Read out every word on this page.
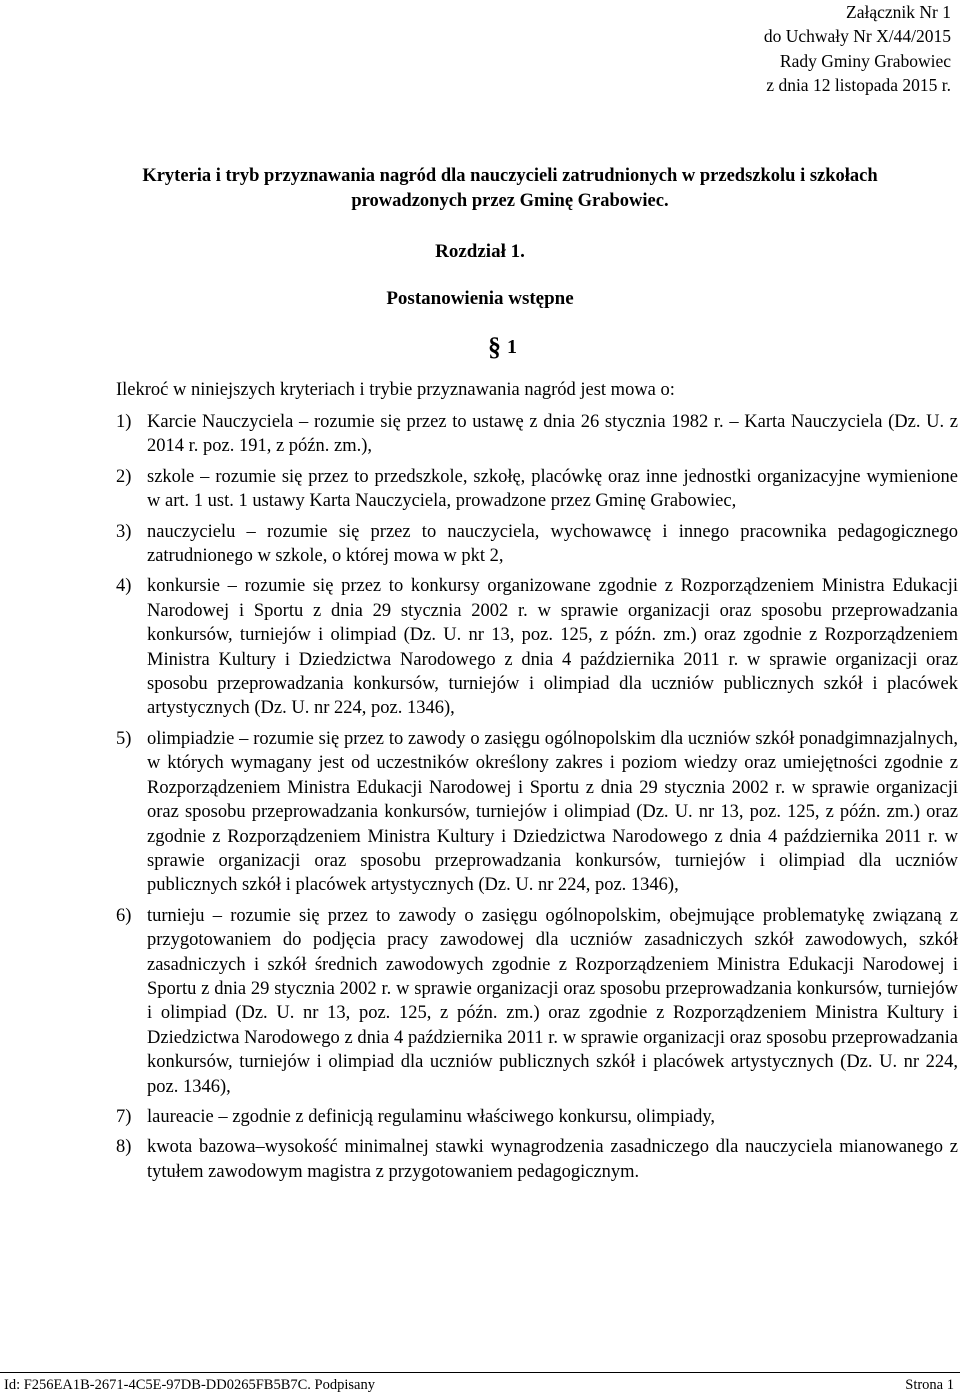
Załącznik Nr 1
do Uchwały Nr X/44/2015
Rady Gminy Grabowiec
z dnia 12 listopada 2015 r.
Kryteria i tryb przyznawania nagród dla nauczycieli zatrudnionych w przedszkolu i szkołach
prowadzonych przez Gminę Grabowiec.
Rozdział 1.
Postanowienia wstępne
§ 1
Ilekroć w niniejszych kryteriach i trybie przyznawania nagród jest mowa o:
1) Karcie Nauczyciela – rozumie się przez to ustawę z dnia 26 stycznia 1982 r. – Karta Nauczyciela (Dz. U. z 2014 r. poz. 191, z późn. zm.),
2) szkole – rozumie się przez to przedszkole, szkołę, placówkę oraz inne jednostki organizacyjne wymienione w art. 1 ust. 1 ustawy Karta Nauczyciela, prowadzone przez Gminę Grabowiec,
3) nauczycielu – rozumie się przez to nauczyciela, wychowawcę i innego pracownika pedagogicznego zatrudnionego w szkole, o której mowa w pkt 2,
4) konkursie – rozumie się przez to konkursy organizowane zgodnie z Rozporządzeniem Ministra Edukacji Narodowej i Sportu z dnia 29 stycznia 2002 r. w sprawie organizacji oraz sposobu przeprowadzania konkursów, turniejów i olimpiad (Dz. U. nr 13, poz. 125, z późn. zm.) oraz zgodnie z Rozporządzeniem Ministra Kultury i Dziedzictwa Narodowego z dnia 4 października 2011 r. w sprawie organizacji oraz sposobu przeprowadzania konkursów, turniejów i olimpiad dla uczniów publicznych szkół i placówek artystycznych (Dz. U. nr 224, poz. 1346),
5) olimpiadzie – rozumie się przez to zawody o zasięgu ogólnopolskim dla uczniów szkół ponadgimnazjalnych, w których wymagany jest od uczestników określony zakres i poziom wiedzy oraz umiejętności zgodnie z Rozporządzeniem Ministra Edukacji Narodowej i Sportu z dnia 29 stycznia 2002 r. w sprawie organizacji oraz sposobu przeprowadzania konkursów, turniejów i olimpiad (Dz. U. nr 13, poz. 125, z późn. zm.) oraz zgodnie z Rozporządzeniem Ministra Kultury i Dziedzictwa Narodowego z dnia 4 października 2011 r. w sprawie organizacji oraz sposobu przeprowadzania konkursów, turniejów i olimpiad dla uczniów publicznych szkół i placówek artystycznych (Dz. U. nr 224, poz. 1346),
6) turnieju – rozumie się przez to zawody o zasięgu ogólnopolskim, obejmujące problematykę związaną z przygotowaniem do podjęcia pracy zawodowej dla uczniów zasadniczych szkół zawodowych, szkół zasadniczych i szkół średnich zawodowych zgodnie z Rozporządzeniem Ministra Edukacji Narodowej i Sportu z dnia 29 stycznia 2002 r. w sprawie organizacji oraz sposobu przeprowadzania konkursów, turniejów i olimpiad (Dz. U. nr 13, poz. 125, z późn. zm.) oraz zgodnie z Rozporządzeniem Ministra Kultury i Dziedzictwa Narodowego z dnia 4 października 2011 r. w sprawie organizacji oraz sposobu przeprowadzania konkursów, turniejów i olimpiad dla uczniów publicznych szkół i placówek artystycznych (Dz. U. nr 224, poz. 1346),
7) laureacie – zgodnie z definicją regulaminu właściwego konkursu, olimpiady,
8) kwota bazowa–wysokość minimalnej stawki wynagrodzenia zasadniczego dla nauczyciela mianowanego z tytułem zawodowym magistra z przygotowaniem pedagogicznym.
Id: F256EA1B-2671-4C5E-97DB-DD0265FB5B7C. Podpisany	Strona 1
